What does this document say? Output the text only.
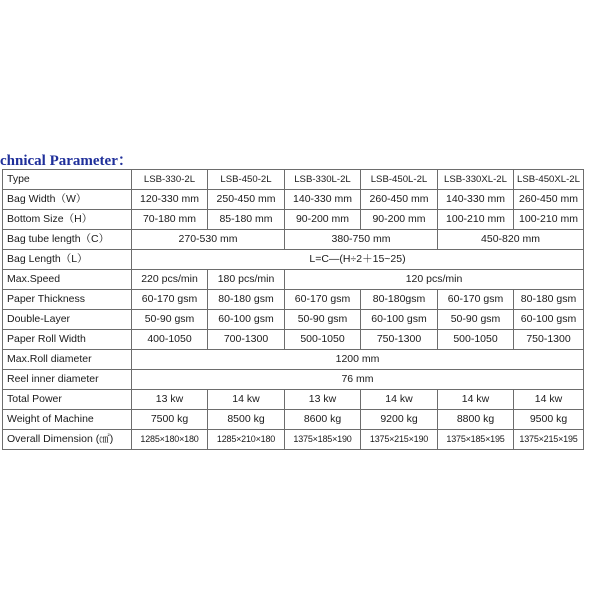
chnical Parameter：
Type	LSB-330-2L	LSB-450-2L	LSB-330L-2L	LSB-450L-2L	LSB-330XL-2L	LSB-450XL-2L
Bag Width（W）	120-330 mm	250-450 mm	140-330 mm	260-450 mm	140-330 mm	260-450 mm
Bottom Size（H）	70-180 mm	85-180 mm	90-200 mm	90-200 mm	100-210 mm	100-210 mm
Bag tube length（C）	270-530 mm		380-750 mm		450-820 mm	
Bag Length（L）	L=C—(H÷2＋15~25)					
Max.Speed	220 pcs/min	180 pcs/min	120 pcs/min			
Paper Thickness	60-170 gsm	80-180 gsm	60-170 gsm	80-180gsm	60-170 gsm	80-180 gsm
Double-Layer	50-90 gsm	60-100 gsm	50-90 gsm	60-100 gsm	50-90 gsm	60-100 gsm
Paper Roll Width	400-1050	700-1300	500-1050	750-1300	500-1050	750-1300
Max.Roll diameter	1200 mm					
Reel inner diameter	76 mm					
Total Power	13 kw	14 kw	13 kw	14 kw	14 kw	14 kw
Weight of Machine	7500 kg	8500 kg	8600 kg	9200 kg	8800 kg	9500 kg
Overall Dimension (㎠)	1285×180×180	1285×210×180	1375×185×190	1375×215×190	1375×185×195	1375×215×195
